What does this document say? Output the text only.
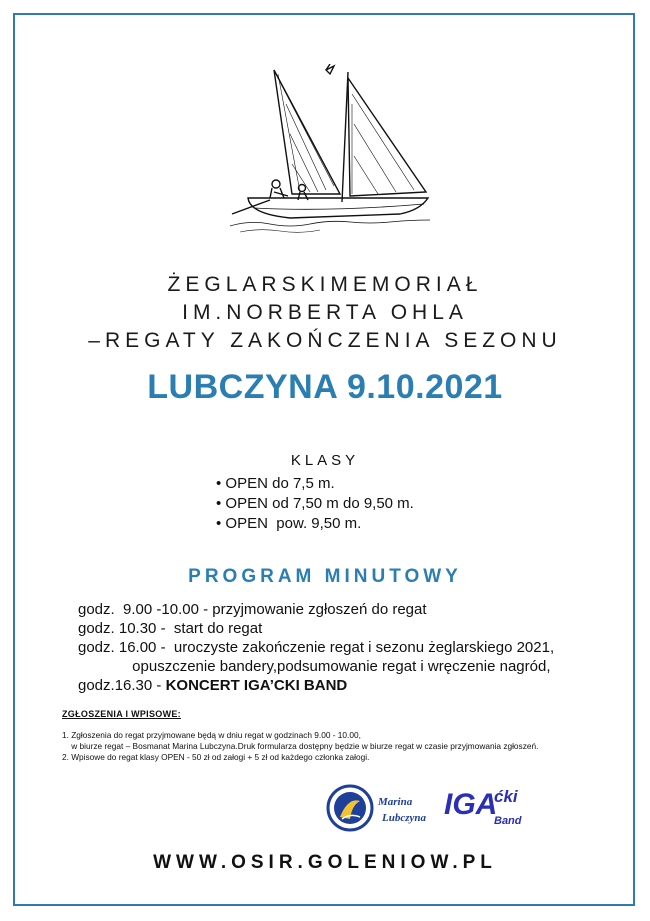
ŻEGLARSKIMEMORIAŁ
IM.NORBERTA OHLA
–REGATY ZAKOŃCZENIA SEZONU
LUBCZYNA 9.10.2021
KLASY
• OPEN do 7,5 m.
• OPEN od 7,50 m do 9,50 m.
• OPEN  pow. 9,50 m.
PROGRAM MINUTOWY
godz.  9.00 -10.00 - przyjmowanie zgłoszeń do regat
godz. 10.30 -  start do regat
godz. 16.00 -  uroczyste zakończenie regat i sezonu żeglarskiego 2021,
opuszczenie bandery,podsumowanie regat i wręczenie nagród,
godz.16.30 - KONCERT IGA’CKI BAND
ZGŁOSZENIA I WPISOWE:
1. Zgłoszenia do regat przyjmowane będą w dniu regat w godzinach 9.00 - 10.00,
w biurze regat – Bosmanat Marina Lubczyna.Druk formularza dostępny będzie w biurze regat w czasie przyjmowania zgłoszeń.
2. Wpisowe do regat klasy OPEN - 50 zł od załogi + 5 zł od każdego członka załogi.
Marina
Lubczyna IGA
ćki
Band
WWW.OSIR.GOLENIOW.PL
